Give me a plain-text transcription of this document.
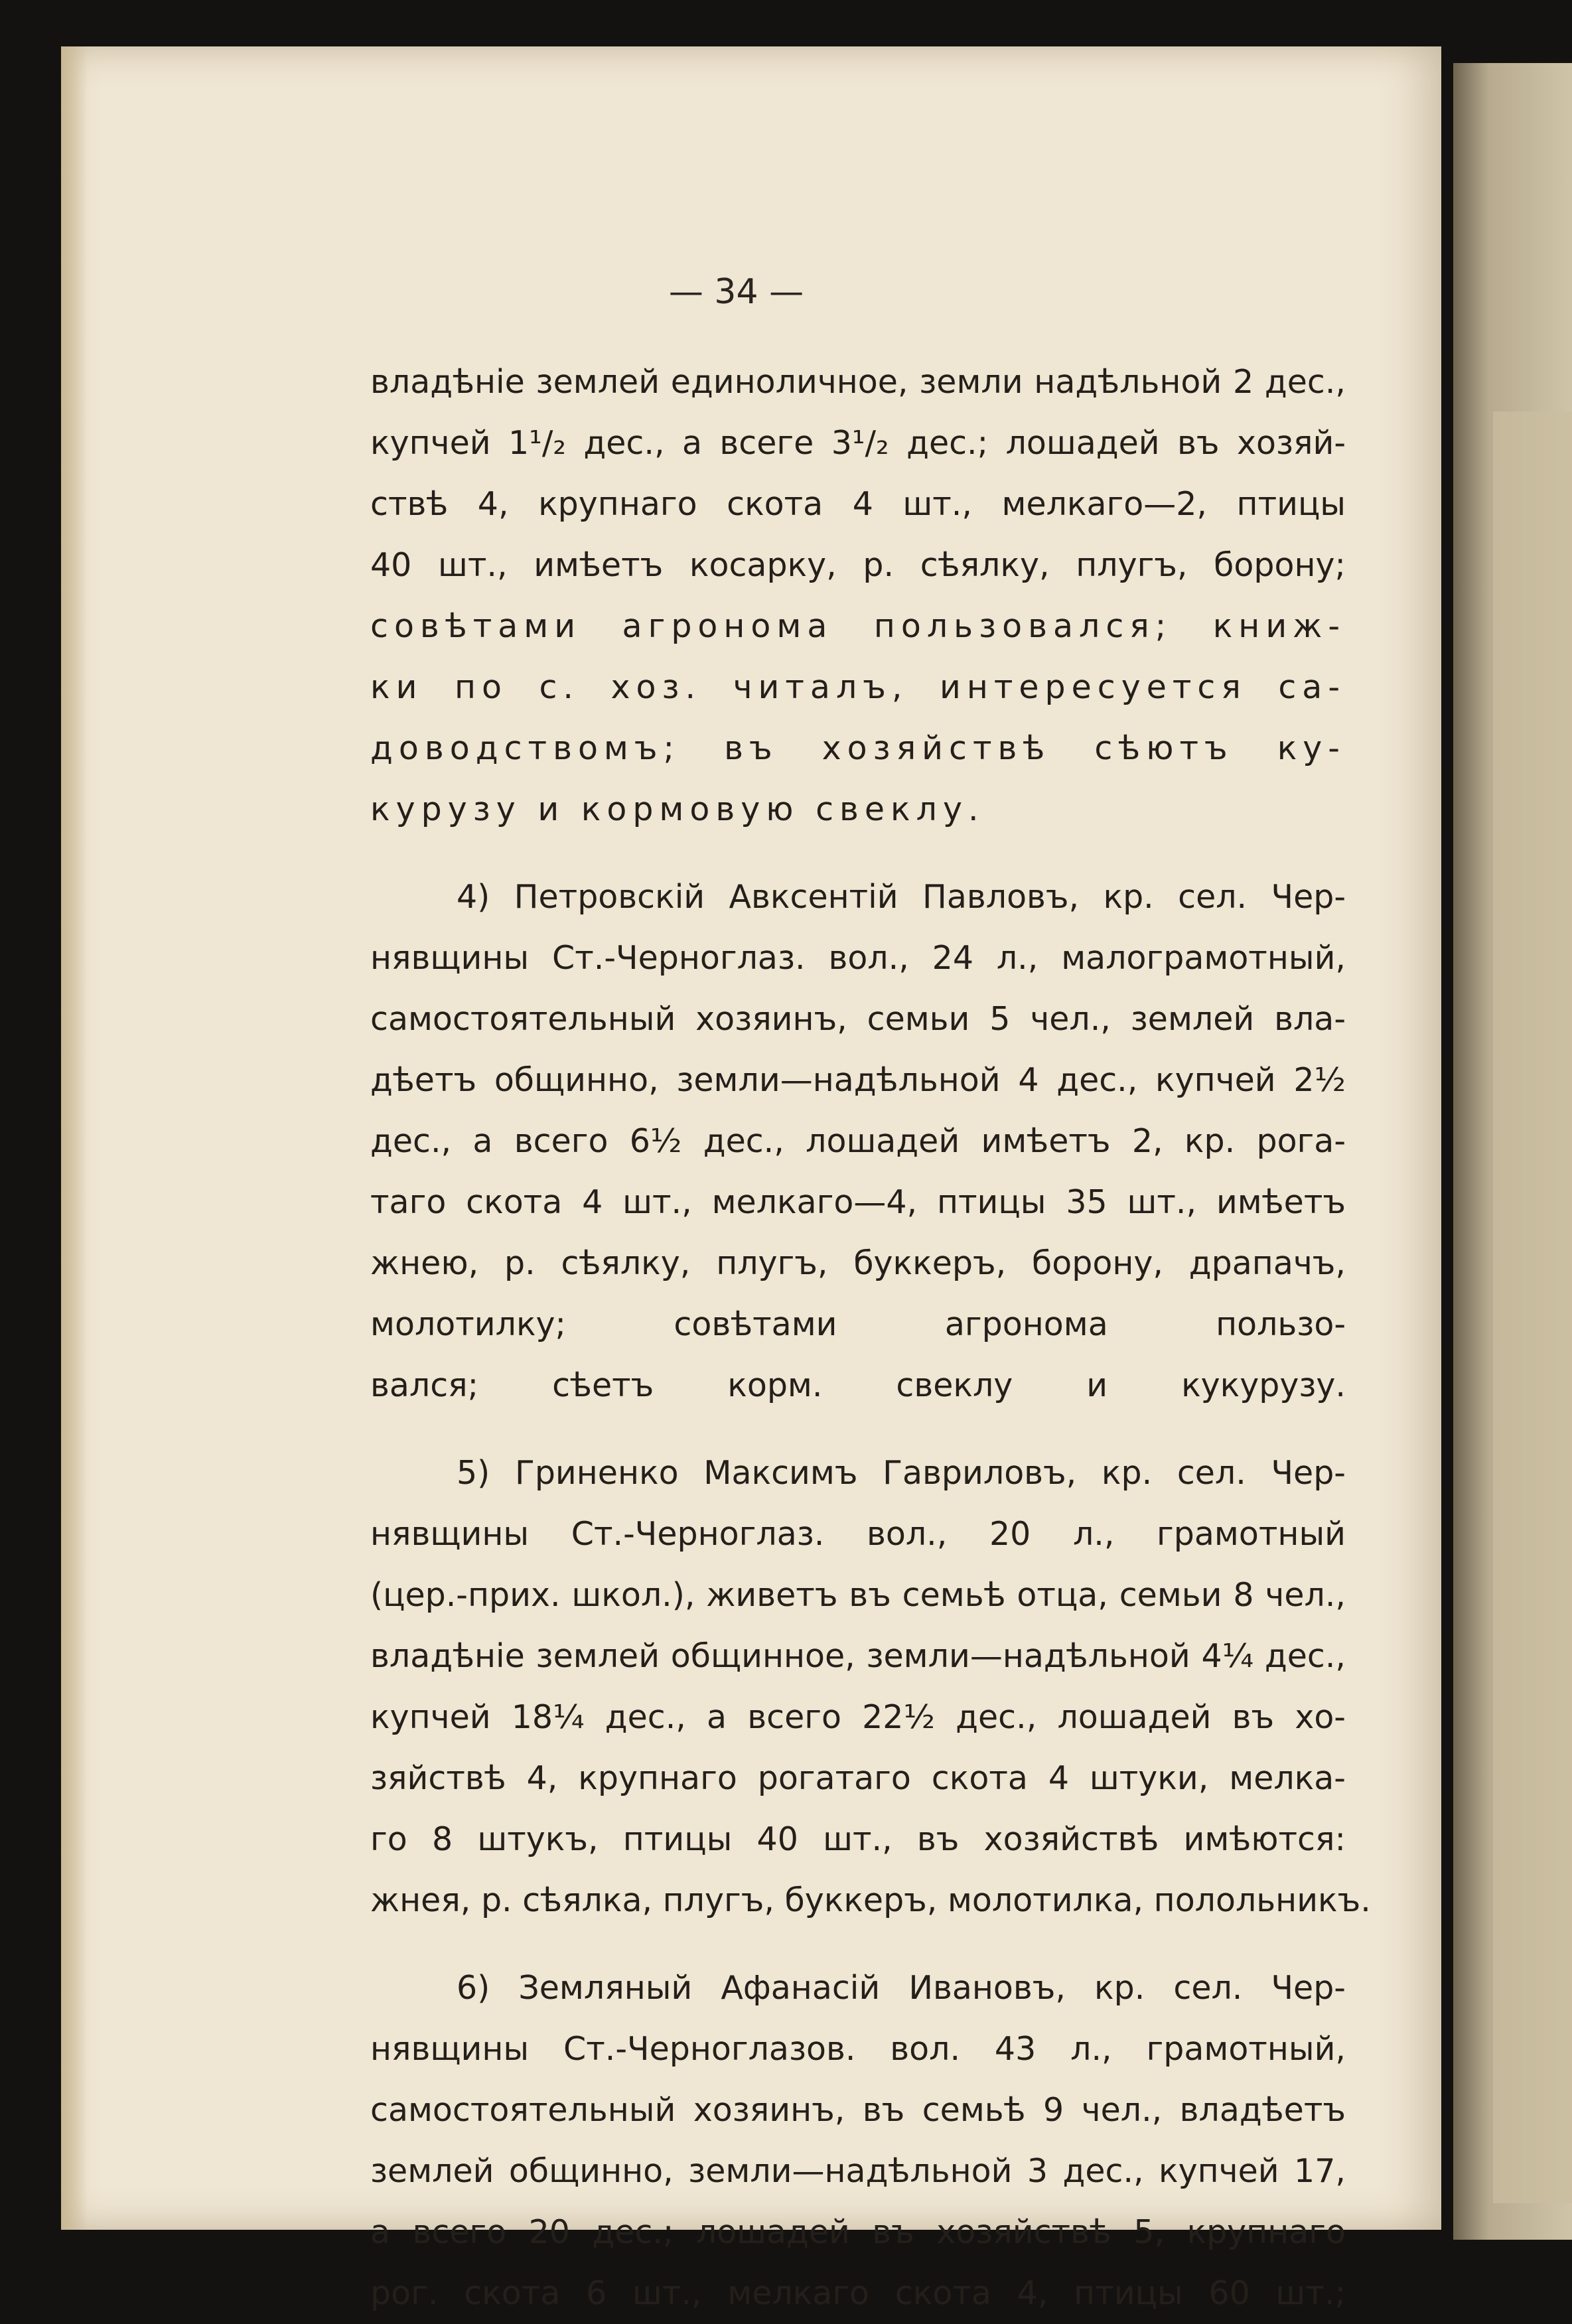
— 34 —
владѣнiе землей единоличное, земли надѣльной 2 дес.,
купчей 1¹/₂ дес., а всеге 3¹/₂ дес.; лошадей въ хозяй-
ствѣ 4, крупнаго скота 4 шт., мелкаго—2, птицы
40 шт., имѣетъ косарку, р. сѣялку, плугъ, борону;
совѣтами агронома пользовался; книж-
ки по с. хоз. читалъ, интересуется са-
доводствомъ; въ хозяйствѣ сѣютъ ку-
курузу и кормовую свеклу.
4) Петровскiй Авксентiй Павловъ, кр. сел. Чер-
нявщины Ст.-Черноглаз. вол., 24 л., малограмотный,
самостоятельный хозяинъ, семьи 5 чел., землей вла-
дѣетъ общинно, земли—надѣльной 4 дес., купчей 2½
дес., а всего 6½ дес., лошадей имѣетъ 2, кр. рога-
таго скота 4 шт., мелкаго—4, птицы 35 шт., имѣетъ
жнею, р. сѣялку, плугъ, буккеръ, борону, драпачъ,
молотилку; совѣтами агронома пользо-
вался; сѣетъ корм. свеклу и кукурузу.
5) Гриненко Максимъ Гавриловъ, кр. сел. Чер-
нявщины Ст.-Черноглаз. вол., 20 л., грамотный
(цер.-прих. школ.), живетъ въ семьѣ отца, семьи 8 чел.,
владѣнiе землей общинное, земли—надѣльной 4¼ дес.,
купчей 18¼ дес., а всего 22½ дес., лошадей въ хо-
зяйствѣ 4, крупнаго рогатаго скота 4 штуки, мелка-
го 8 штукъ, птицы 40 шт., въ хозяйствѣ имѣются:
жнея, р. сѣялка, плугъ, буккеръ, молотилка, полольникъ.
6) Земляный Афанасiй Ивановъ, кр. сел. Чер-
нявщины Ст.-Черноглазов. вол. 43 л., грамотный,
самостоятельный хозяинъ, въ семьѣ 9 чел., владѣетъ
землей общинно, земли—надѣльной 3 дес., купчей 17,
а всего 20 дес.; лошадей въ хозяйствѣ 5, крупнаго
рог. скота 6 шт., мелкаго скота 4, птицы 60 шт.;
